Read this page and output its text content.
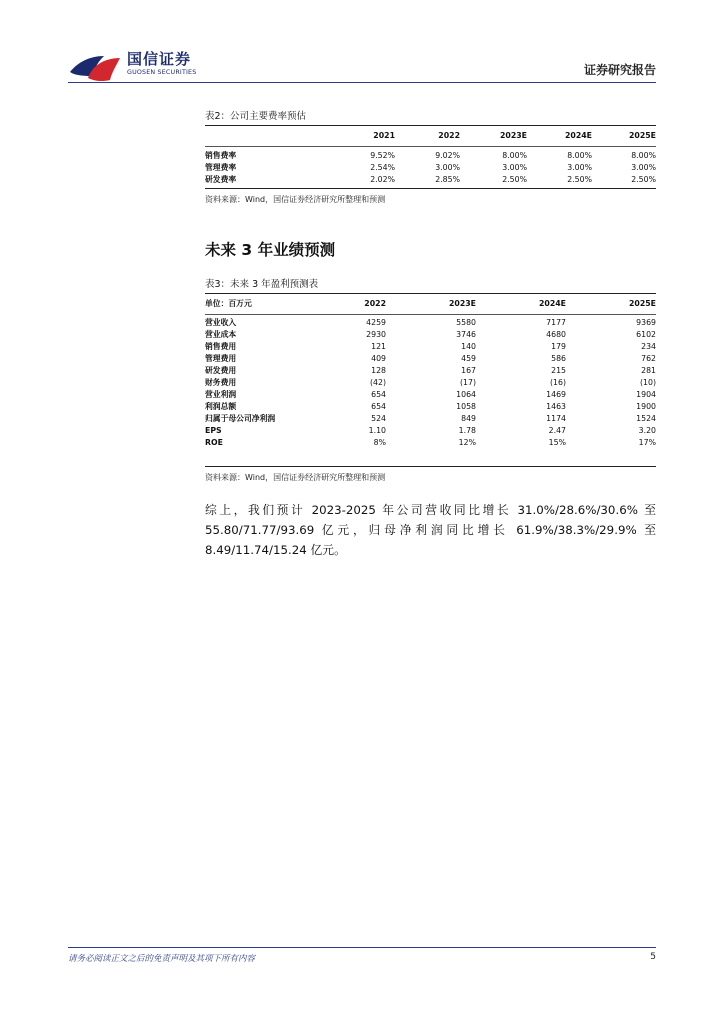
国信证券
GUOSEN SECURITIES	证券研究报告
表2：公司主要费率预估
	2021	2022	2023E	2024E	2025E
销售费率	9.52%	9.02%	8.00%	8.00%	8.00%
管理费率	2.54%	3.00%	3.00%	3.00%	3.00%
研发费率	2.02%	2.85%	2.50%	2.50%	2.50%
资料来源：Wind，国信证券经济研究所整理和预测
未来 3 年业绩预测
表3：未来 3 年盈利预测表
单位：百万元	2022	2023E	2024E	2025E
营业收入	4259	5580	7177	9369
营业成本	2930	3746	4680	6102
销售费用	121	140	179	234
管理费用	409	459	586	762
研发费用	128	167	215	281
财务费用	(42)	(17)	(16)	(10)
营业利润	654	1064	1469	1904
利润总额	654	1058	1463	1900
归属于母公司净利润	524	849	1174	1524
EPS	1.10	1.78	2.47	3.20
ROE	8%	12%	15%	17%
资料来源：Wind，国信证券经济研究所整理和预测
综上，我们预计 2023-2025 年公司营收同比增长 31.0%/28.6%/30.6% 至 55.80/71.77/93.69 亿元，归母净利润同比增长 61.9%/38.3%/29.9% 至 8.49/11.74/15.24 亿元。
请务必阅读正文之后的免责声明及其项下所有内容	5
